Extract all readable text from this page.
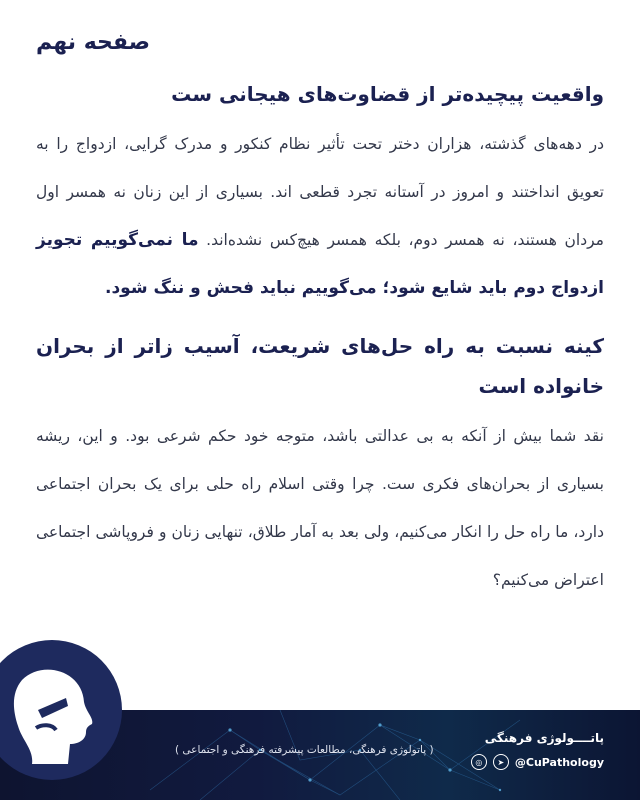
صفحه نهم
واقعیت پیچیده‌تر از قضاوت‌های هیجانی ست

در دهه‌های گذشته، هزاران دختر تحت تأثیر نظام کنکور و مدرک گرایی، ازدواج را به تعویق انداختند و امروز در آستانه تجرد قطعی اند. بسیاری از این زنان نه همسر اول مردان هستند، نه همسر دوم، بلکه همسر هیچ‌کس نشده‌اند. ما نمی‌گوییم تجویز ازدواج دوم باید شایع شود؛ می‌گوییم نباید فحش و ننگ شود.

کینه نسبت به راه حل‌های شریعت، آسیب زاتر از بحران خانواده است

نقد شما بیش از آنکه به بی عدالتی باشد، متوجه خود حکم شرعی بود. و این، ریشه بسیاری از بحران‌های فکری ست. چرا وقتی اسلام راه حلی برای یک بحران اجتماعی دارد، ما راه حل را انکار می‌کنیم، ولی بعد به آمار طلاق، تنهایی زنان و فروپاشی اجتماعی اعتراض می‌کنیم؟

( پاتولوژی فرهنگی، مطالعات پیشرفته فرهنگی و اجتماعی )
پاتــــولوژی فرهنگی
◎	➤ @CuPathology
